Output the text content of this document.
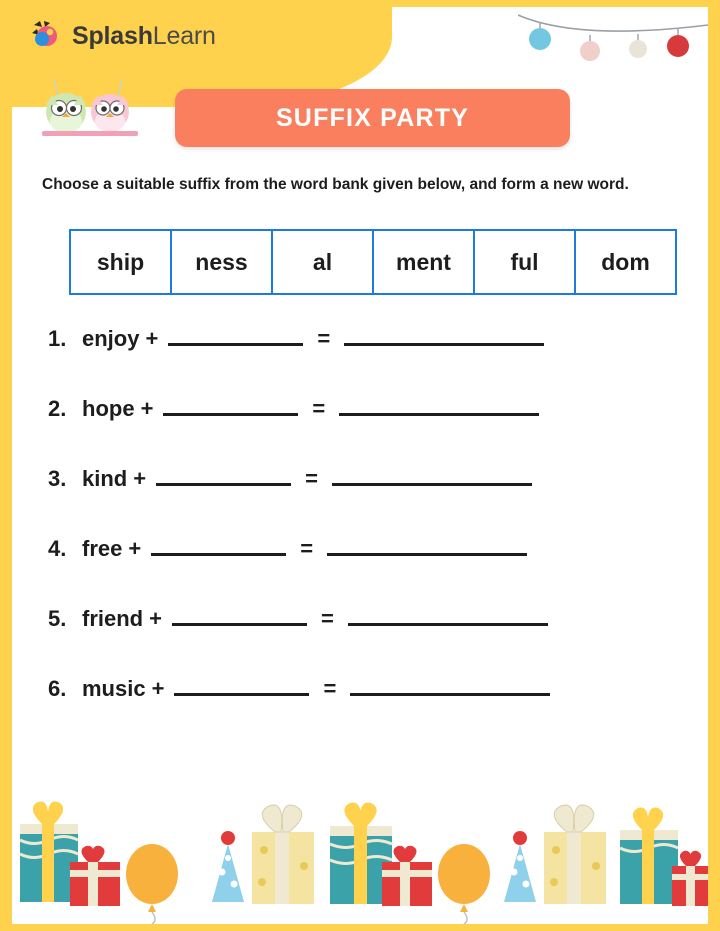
SplashLearn
SUFFIX PARTY
Choose a suitable suffix from the word bank given below, and form a new word.
ship	ness	al	ment	ful	dom
1. enjoy +	=
2. hope +	=
3. kind +	=
4. free +	=
5. friend +	=
6. music +	=
